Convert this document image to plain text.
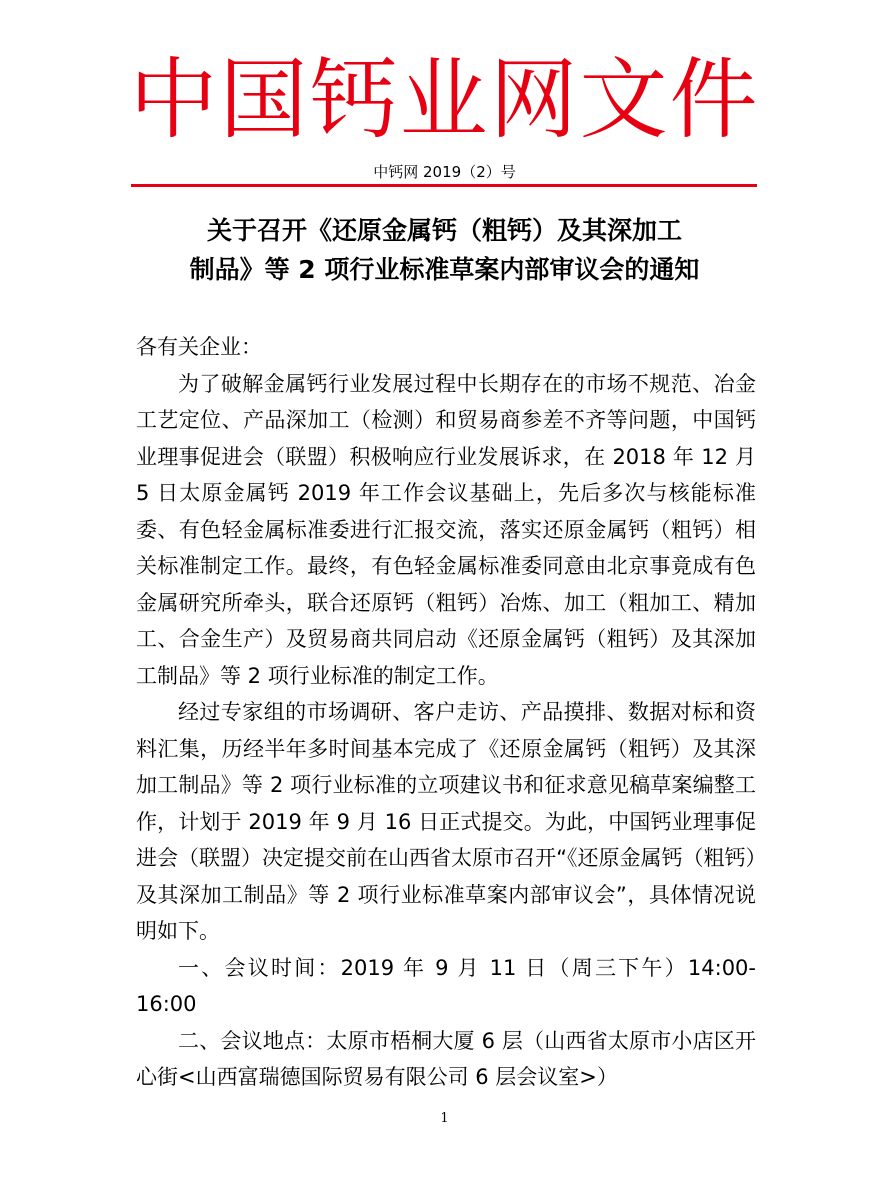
中国钙业网文件
中钙网 2019（2）号
关于召开《还原金属钙（粗钙）及其深加工
制品》等 2 项行业标准草案内部审议会的通知

各有关企业：

为了破解金属钙行业发展过程中长期存在的市场不规范、冶金工艺定位、产品深加工（检测）和贸易商参差不齐等问题，中国钙业理事促进会（联盟）积极响应行业发展诉求，在 2018 年 12 月 5 日太原金属钙 2019 年工作会议基础上，先后多次与核能标准委、有色轻金属标准委进行汇报交流，落实还原金属钙（粗钙）相关标准制定工作。最终，有色轻金属标准委同意由北京事竟成有色金属研究所牵头，联合还原钙（粗钙）冶炼、加工（粗加工、精加工、合金生产）及贸易商共同启动《还原金属钙（粗钙）及其深加工制品》等 2 项行业标准的制定工作。

经过专家组的市场调研、客户走访、产品摸排、数据对标和资料汇集，历经半年多时间基本完成了《还原金属钙（粗钙）及其深加工制品》等 2 项行业标准的立项建议书和征求意见稿草案编整工作，计划于 2019 年 9 月 16 日正式提交。为此，中国钙业理事促进会（联盟）决定提交前在山西省太原市召开“《还原金属钙（粗钙）及其深加工制品》等 2 项行业标准草案内部审议会”，具体情况说明如下。

一、会议时间：2019 年 9 月 11 日（周三下午）14:00-16:00

二、会议地点：太原市梧桐大厦 6 层（山西省太原市小店区开心街<山西富瑞德国际贸易有限公司 6 层会议室>）

1
